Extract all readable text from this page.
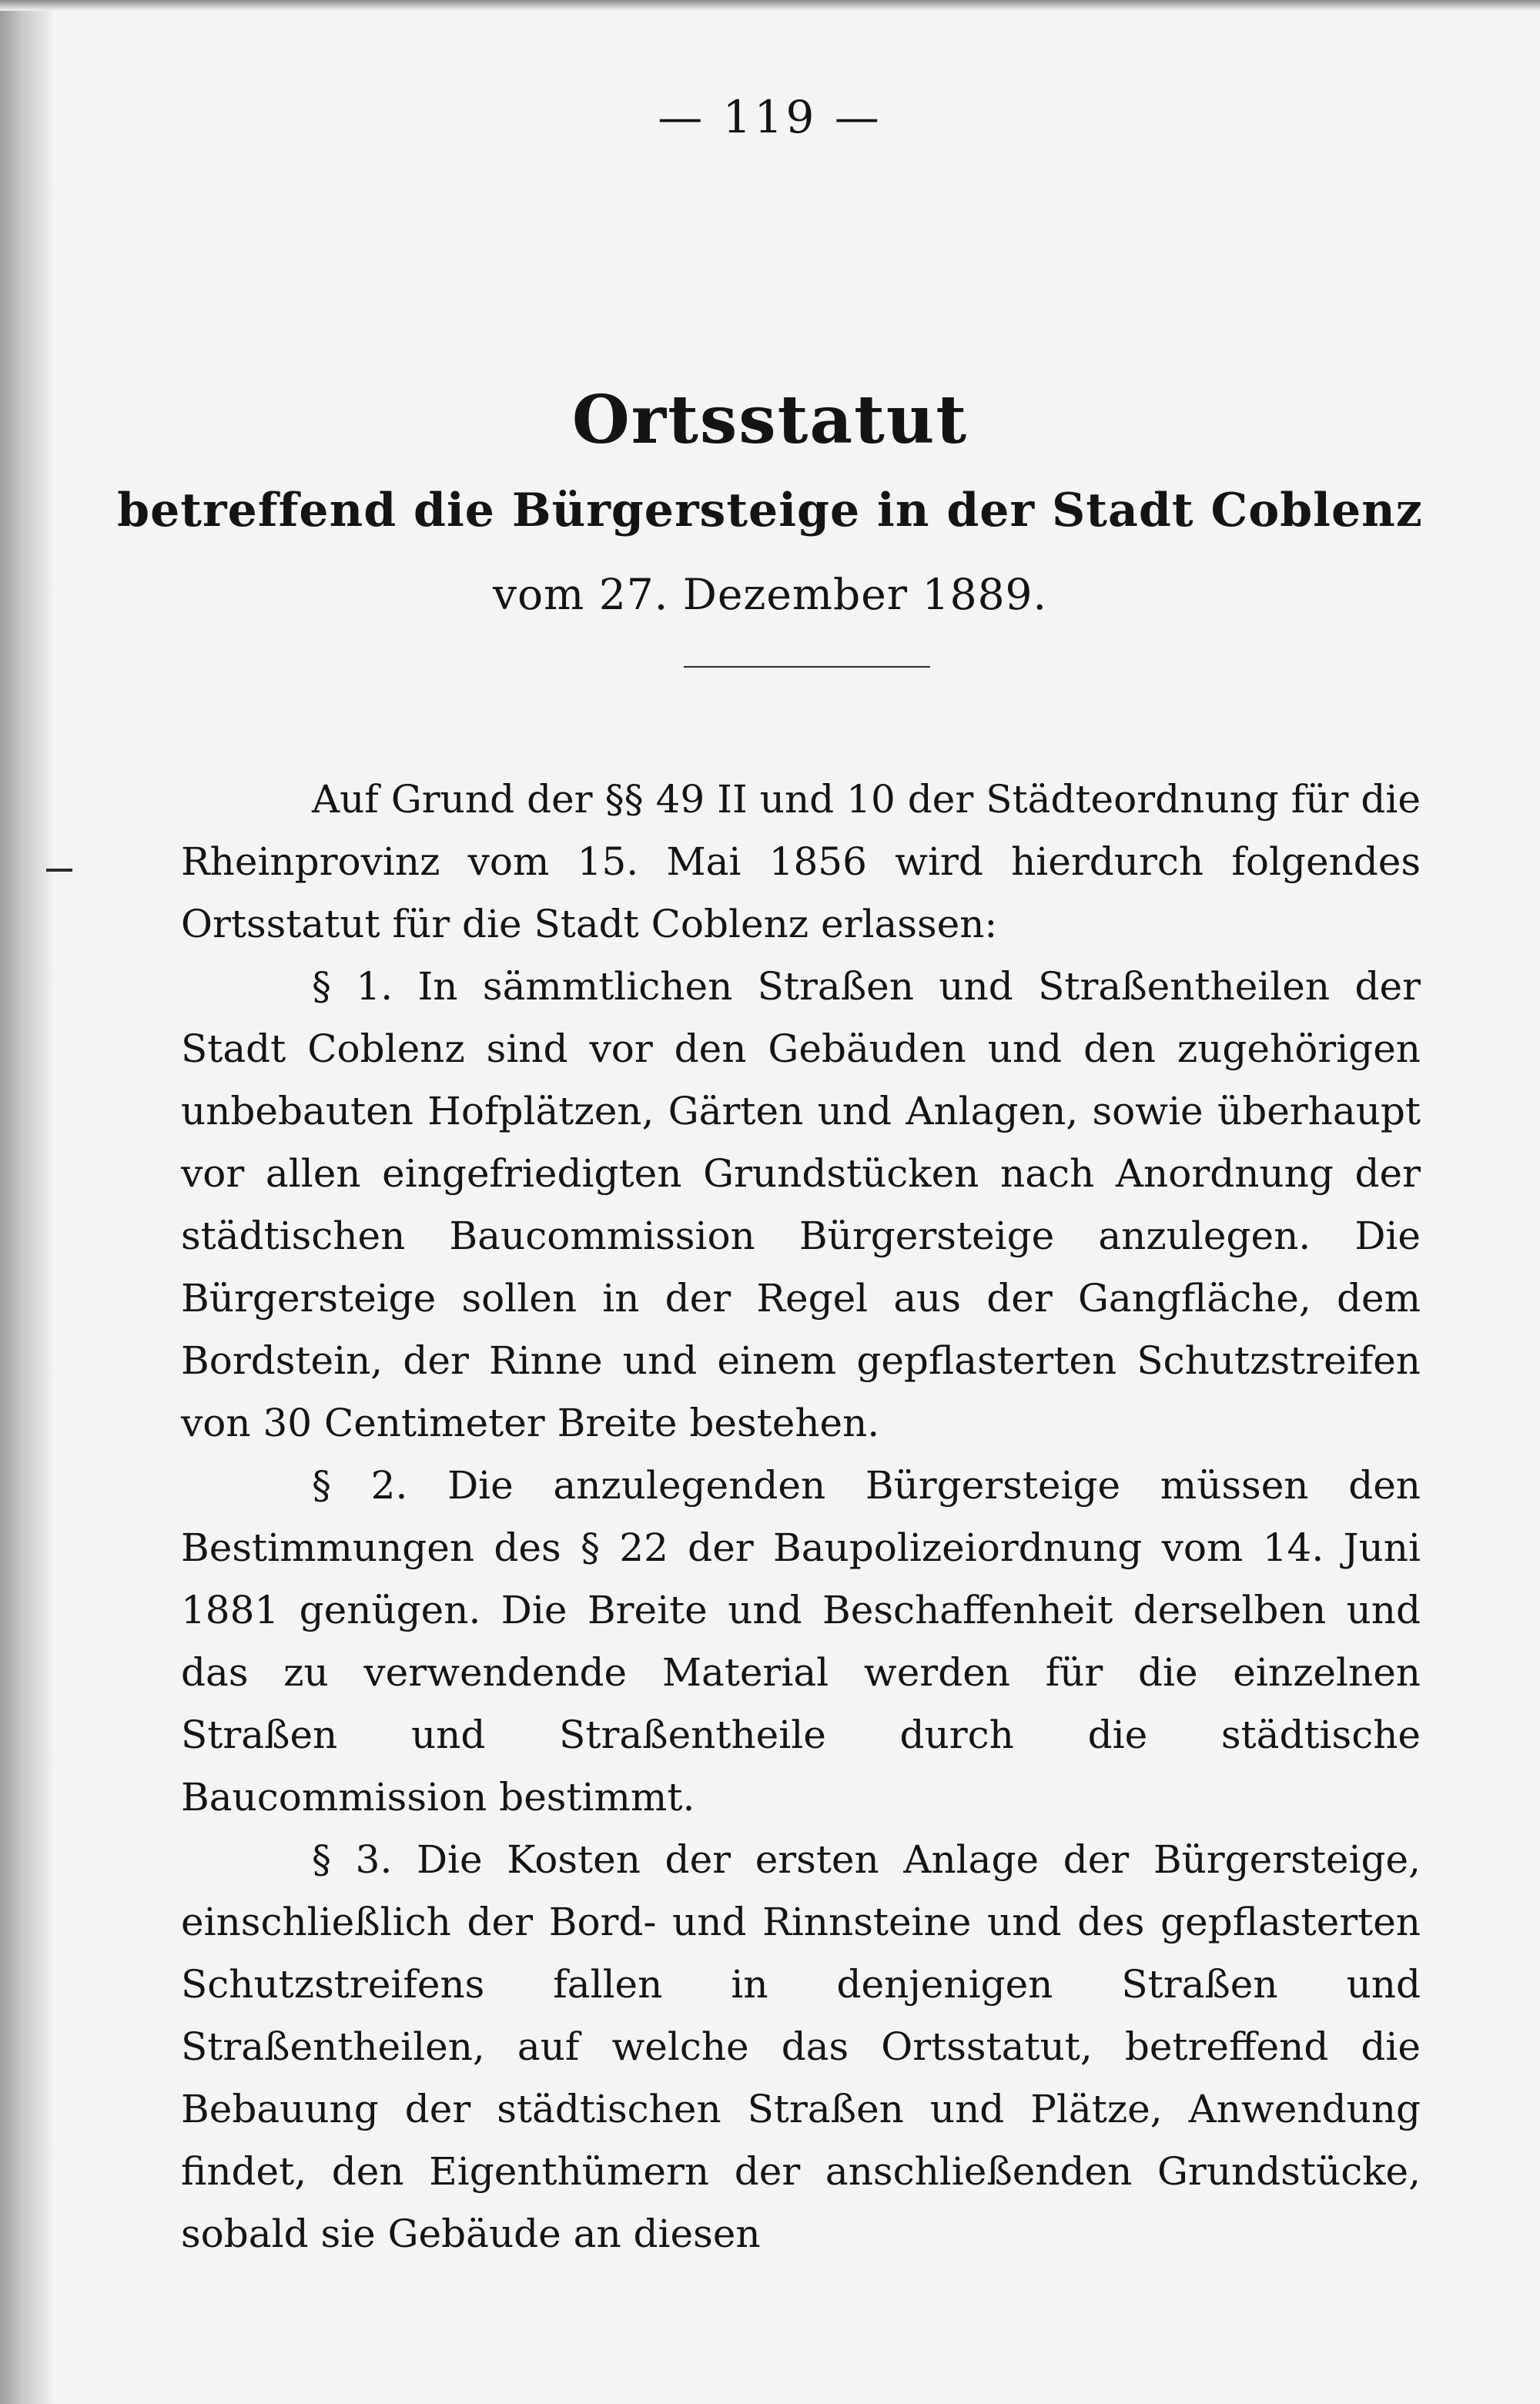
— 119 —
Ortsstatut
betreffend die Bürgersteige in der Stadt Coblenz
vom 27. Dezember 1889.

Auf Grund der §§ 49 II und 10 der Städteordnung für die Rheinprovinz vom 15. Mai 1856 wird hierdurch folgendes Ortsstatut für die Stadt Coblenz erlassen:

§ 1. In sämmtlichen Straßen und Straßentheilen der Stadt Coblenz sind vor den Gebäuden und den zugehörigen unbebauten Hofplätzen, Gärten und Anlagen, sowie überhaupt vor allen eingefriedigten Grundstücken nach Anordnung der städtischen Baucommission Bürgersteige anzulegen. Die Bürgersteige sollen in der Regel aus der Gangfläche, dem Bordstein, der Rinne und einem gepflasterten Schutzstreifen von 30 Centimeter Breite bestehen.

§ 2. Die anzulegenden Bürgersteige müssen den Bestimmungen des § 22 der Baupolizeiordnung vom 14. Juni 1881 genügen. Die Breite und Beschaffenheit derselben und das zu verwendende Material werden für die einzelnen Straßen und Straßentheile durch die städtische Baucommission bestimmt.

§ 3. Die Kosten der ersten Anlage der Bürgersteige, einschließlich der Bord- und Rinnsteine und des gepflasterten Schutzstreifens fallen in denjenigen Straßen und Straßentheilen, auf welche das Ortsstatut, betreffend die Bebauung der städtischen Straßen und Plätze, Anwendung findet, den Eigenthümern der anschließenden Grundstücke, sobald sie Gebäude an diesen
